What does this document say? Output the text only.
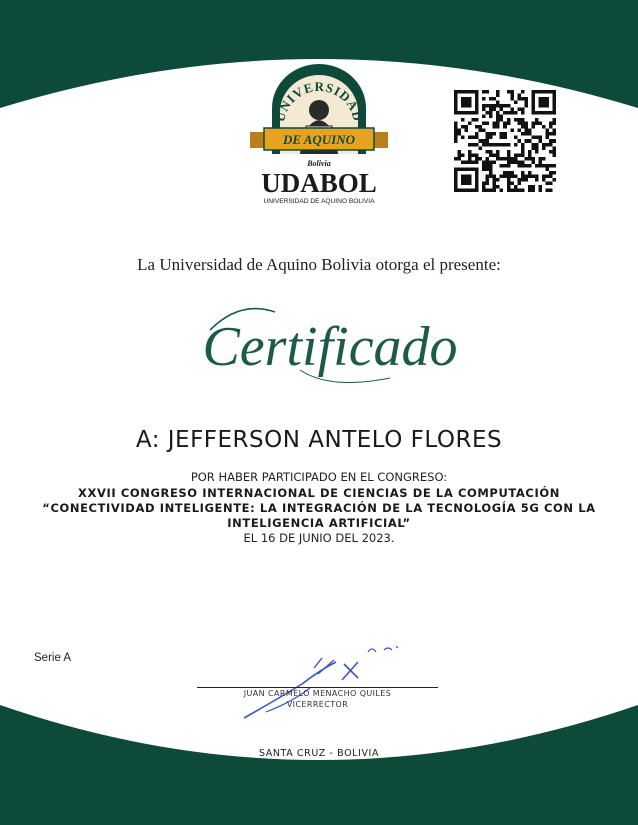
UNIVERSIDAD
DE AQUINO
Bolivia
UDABOL
UNIVERSIDAD DE AQUINO BOLIVIA
La Universidad de Aquino Bolivia otorga el presente:
Certificado
A: JEFFERSON ANTELO FLORES
POR HABER PARTICIPADO EN EL CONGRESO:
XXVII CONGRESO INTERNACIONAL DE CIENCIAS DE LA COMPUTACIÓN
“CONECTIVIDAD INTELIGENTE: LA INTEGRACIÓN DE LA TECNOLOGÍA 5G CON LA
INTELIGENCIA ARTIFICIAL”
EL 16 DE JUNIO DEL 2023.
Serie A
JUAN CARMELO MENACHO QUILES
VICERRECTOR
SANTA CRUZ - BOLIVIA
